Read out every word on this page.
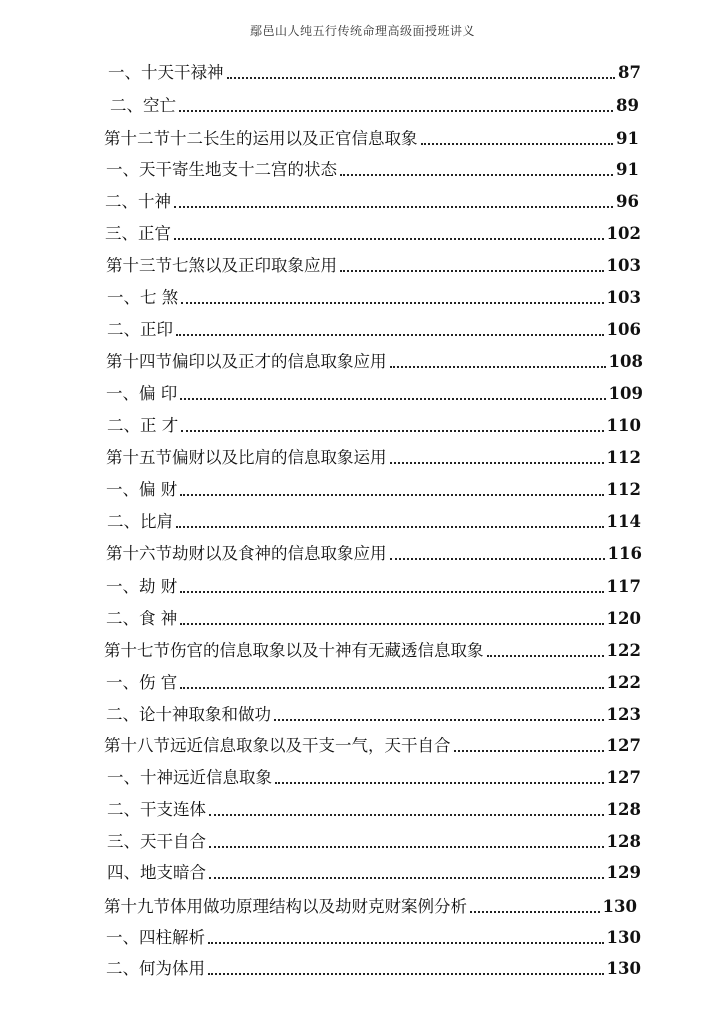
鄢邑山人纯五行传统命理高级面授班讲义
一、十天干禄神	87
二、空亡	89
第十二节十二长生的运用以及正官信息取象	91
一、天干寄生地支十二宫的状态	91
二、十神	96
三、正官	102
第十三节七煞以及正印取象应用	103
一、七 煞	103
二、正印	106
第十四节偏印以及正才的信息取象应用	108
一、偏 印	109
二、正 才	110
第十五节偏财以及比肩的信息取象运用	112
一、偏 财	112
二、比肩	114
第十六节劫财以及食神的信息取象应用	116
一、劫 财	117
二、食 神	120
第十七节伤官的信息取象以及十神有无藏透信息取象	122
一、伤 官	122
二、论十神取象和做功	123
第十八节远近信息取象以及干支一气，天干自合	127
一、十神远近信息取象	127
二、干支连体	128
三、天干自合	128
四、地支暗合	129
第十九节体用做功原理结构以及劫财克财案例分析	130
一、四柱解析	130
二、何为体用	130
